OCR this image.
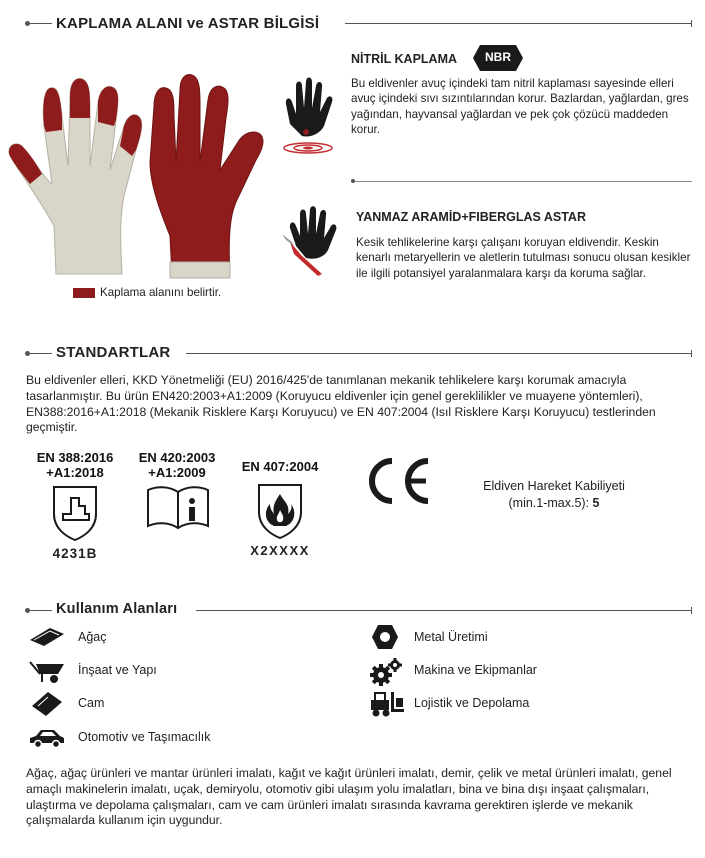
KAPLAMA ALANI ve ASTAR BİLGİSİ
Kaplama alanını belirtir.
NİTRİL KAPLAMA	NBR
Bu eldivenler avuç içindeki tam nitril kaplaması sayesinde elleri avuç içindeki sıvı sızıntılarından korur. Bazlardan, yağlardan, gres yağından, hayvansal yağlardan ve pek çok çözücü maddeden korur.
YANMAZ ARAMİD+FIBERGLAS ASTAR
Kesik tehlikelerine karşı çalışanı koruyan eldivendir. Keskin kenarlı metaryellerin ve aletlerin tutulması sonucu olusan kesikler ile ilgili potansiyel yaralanmalara karşı da koruma sağlar.
STANDARTLAR
Bu eldivenler elleri, KKD Yönetmeliği (EU) 2016/425'de tanımlanan mekanik tehlikelere karşı korumak amacıyla tasarlanmıştır. Bu ürün EN420:2003+A1:2009 (Koruyucu eldivenler için genel gereklilikler ve muayene yöntemleri), EN388:2016+A1:2018 (Mekanik Risklere Karşı Koruyucu) ve EN 407:2004 (Isıl Risklere Karşı Koruyucu) testlerinden geçmiştir.
EN 388:2016
+A1:2018
4231B
EN 420:2003
+A1:2009	EN 407:2004
X2XXXX
Eldiven Hareket Kabiliyeti
(min.1-max.5): 5
Kullanım Alanları
Ağaç
İnşaat ve Yapı
Cam
Otomotiv ve Taşımacılık
Metal Üretimi
Makina ve Ekipmanlar
Lojistik ve Depolama
Ağaç, ağaç ürünleri ve mantar ürünleri imalatı, kağıt ve kağıt ürünleri imalatı, demir, çelik ve metal ürünleri imalatı, genel amaçlı makinelerin imalatı, uçak, demiryolu, otomotiv gibi ulaşım yolu imalatları, bina ve bina dışı inşaat çalışmaları, ulaştırma ve depolama çalışmaları, cam ve cam ürünleri imalatı sırasında kavrama gerektiren işlerde ve mekanik çalışmalarda kullanım için uygundur.
